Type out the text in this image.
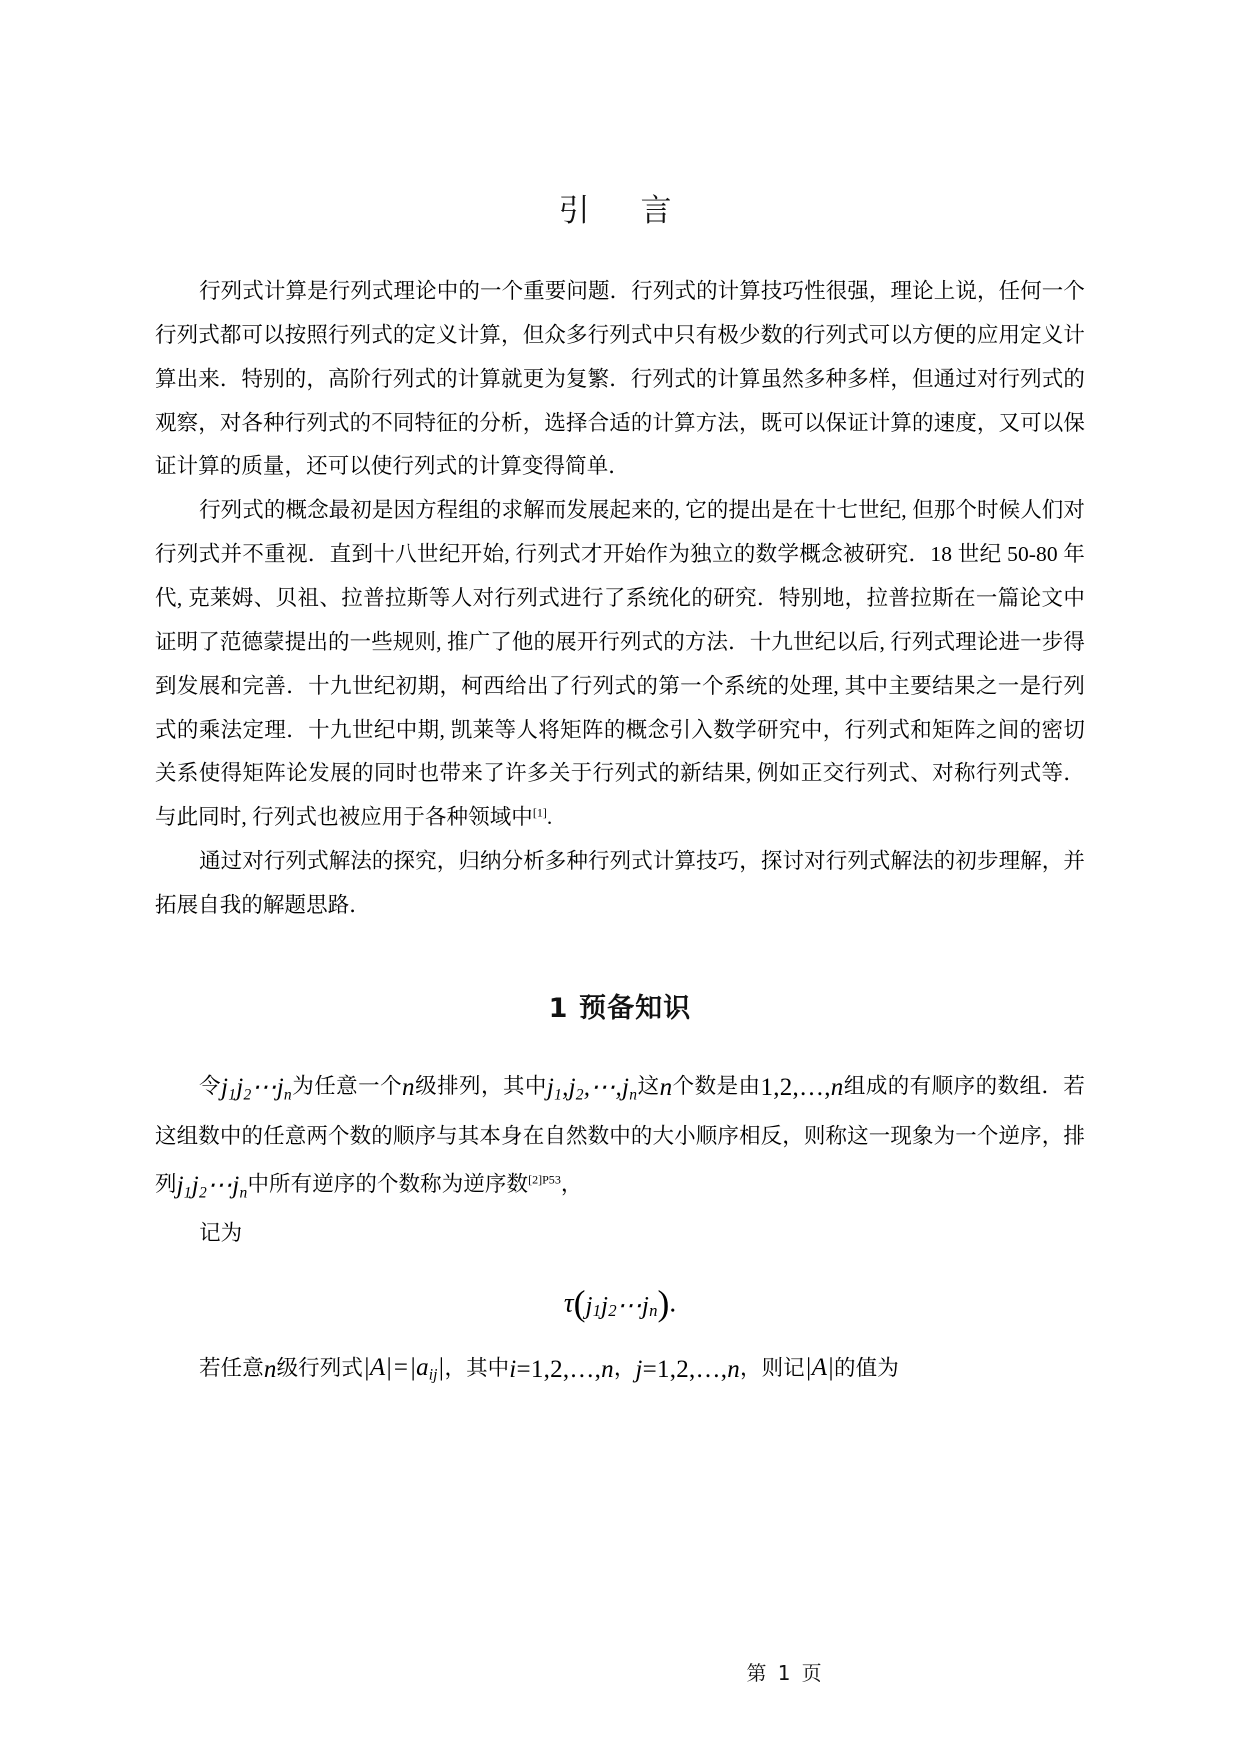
引　言

行列式计算是行列式理论中的一个重要问题．行列式的计算技巧性很强，理论上说，任何一个行列式都可以按照行列式的定义计算，但众多行列式中只有极少数的行列式可以方便的应用定义计算出来．特别的，高阶行列式的计算就更为复繁．行列式的计算虽然多种多样，但通过对行列式的观察，对各种行列式的不同特征的分析，选择合适的计算方法，既可以保证计算的速度，又可以保证计算的质量，还可以使行列式的计算变得简单．

行列式的概念最初是因方程组的求解而发展起来的, 它的提出是在十七世纪, 但那个时候人们对行列式并不重视．直到十八世纪开始, 行列式才开始作为独立的数学概念被研究．18 世纪 50-80 年代, 克莱姆、贝祖、拉普拉斯等人对行列式进行了系统化的研究．特别地，拉普拉斯在一篇论文中证明了范德蒙提出的一些规则, 推广了他的展开行列式的方法．十九世纪以后, 行列式理论进一步得到发展和完善．十九世纪初期，柯西给出了行列式的第一个系统的处理, 其中主要结果之一是行列式的乘法定理．十九世纪中期, 凯莱等人将矩阵的概念引入数学研究中，行列式和矩阵之间的密切关系使得矩阵论发展的同时也带来了许多关于行列式的新结果, 例如正交行列式、对称行列式等．与此同时, 行列式也被应用于各种领域中[1].

通过对行列式解法的探究，归纳分析多种行列式计算技巧，探讨对行列式解法的初步理解，并拓展自我的解题思路．

1 预备知识

令$j_1j_2\cdots j_n$为任意一个n级排列，其中$j_1,j_2,\cdots,j_n$这n个数是由1,2,…,n组成的有顺序的数组．若这组数中的任意两个数的顺序与其本身在自然数中的大小顺序相反，则称这一现象为一个逆序，排列$j_1j_2\cdots j_n$中所有逆序的个数称为逆序数$^{[2]P53}$，

记为

$\tau(j_1j_2\cdots j_n)$.

若任意n级行列式$|A|=|a_{ij}|$，其中i=1,2,…,n，j=1,2,…,n，则记|A|的值为

第 1 页
